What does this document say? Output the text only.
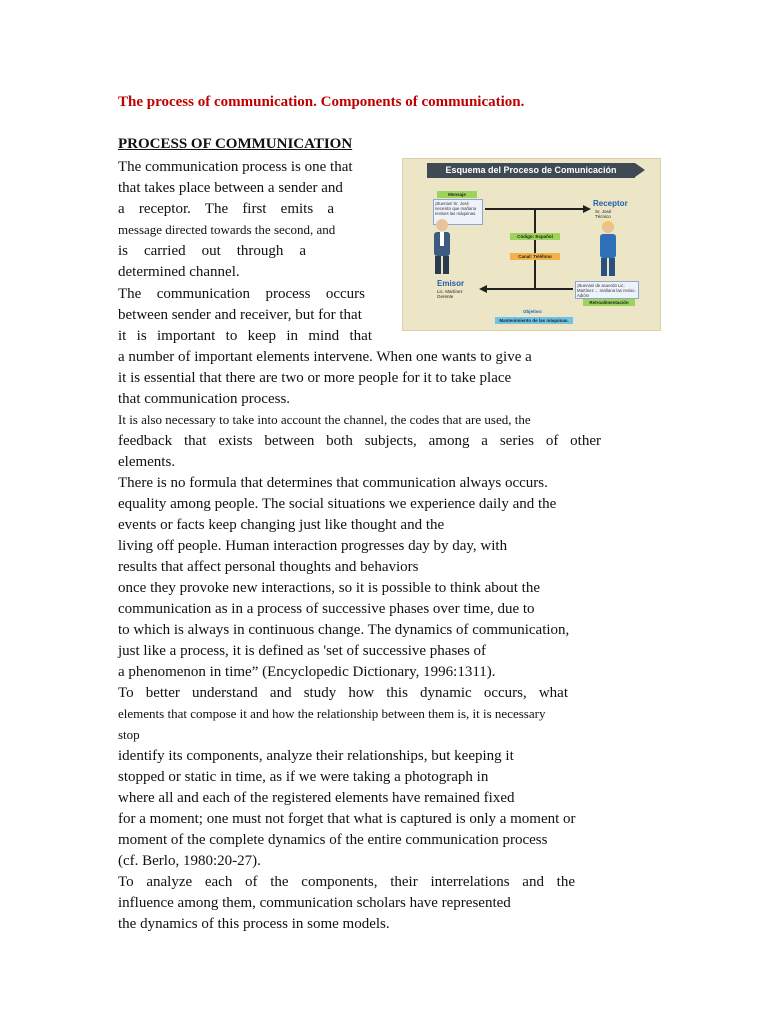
The process of communication. Components of communication.
PROCESS OF COMMUNICATION

The communication process is one that

that takes place between a sender and

a receptor. The first emits a

message directed towards the second, and

is carried out through a

determined channel.

The communication process occurs

between sender and receiver, but for that

it is important to keep in mind that

a number of important elements intervene. When one wants to give a

it is essential that there are two or more people for it to take place

that communication process.

It is also necessary to take into account the channel, the codes that are used, the

feedback that exists between both subjects, among a series of other

elements.

There is no formula that determines that communication always occurs.

equality among people. The social situations we experience daily and the

events or facts keep changing just like thought and the

living off people. Human interaction progresses day by day, with

results that affect personal thoughts and behaviors

once they provoke new interactions, so it is possible to think about the

communication as in a process of successive phases over time, due to

to which is always in continuous change. The dynamics of communication,

just like a process, it is defined as 'set of successive phases of

a phenomenon in time” (Encyclopedic Dictionary, 1996:1311).

To better understand and study how this dynamic occurs, what

elements that compose it and how the relationship between them is, it is necessary

stop

identify its components, analyze their relationships, but keeping it

stopped or static in time, as if we were taking a photograph in

where all and each of the registered elements have remained fixed

for a moment; one must not forget that what is captured is only a moment or

moment of the complete dynamics of the entire communication process

(cf. Berlo, 1980:20-27).

To analyze each of the components, their interrelations and the

influence among them, communication scholars have represented

the dynamics of this process in some models.

Esquema del Proceso de Comunicación
Mensaje
¡Buenas! Sr. José necesito que mañana revises las máquinas.
Receptor
Sr. José Técnico
Código: Español
Canal: Teléfono
Emisor
Lic. Martínez Gerente
¡Buenas! de acuerdo Lic. Martínez ... mañana las reviso. Adiós!
Retroalimentación
Objetivo:
Mantenimiento de las máquinas.
